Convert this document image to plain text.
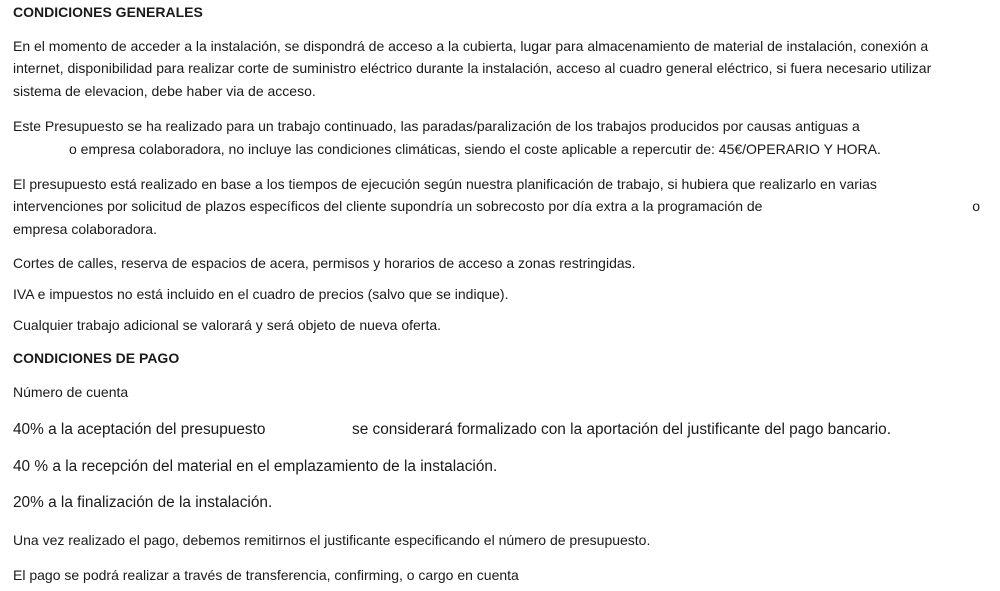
CONDICIONES GENERALES
En el momento de acceder a la instalación, se dispondrá de acceso a la cubierta, lugar para almacenamiento de material de instalación, conexión a
internet, disponibilidad para realizar corte de suministro eléctrico durante la instalación, acceso al cuadro general eléctrico, si fuera necesario utilizar
sistema de elevacion, debe haber via de acceso.
Este Presupuesto se ha realizado para un trabajo continuado, las paradas/paralización de los trabajos producidos por causas antiguas a
o empresa colaboradora, no incluye las condiciones climáticas, siendo el coste aplicable a repercutir de: 45€/OPERARIO Y HORA.
El presupuesto está realizado en base a los tiempos de ejecución según nuestra planificación de trabajo, si hubiera que realizarlo en varias
intervenciones por solicitud de plazos específicos del cliente supondría un sobrecosto por día extra a la programación de	o
empresa colaboradora.
Cortes de calles, reserva de espacios de acera, permisos y horarios de acceso a zonas restringidas.
IVA e impuestos no está incluido en el cuadro de precios (salvo que se indique).
Cualquier trabajo adicional se valorará y será objeto de nueva oferta.
CONDICIONES DE PAGO
Número de cuenta
40% a la aceptación del presupuesto	se considerará formalizado con la aportación del justificante del pago bancario.
40 % a la recepción del material en el emplazamiento de la instalación.
20% a la finalización de la instalación.
Una vez realizado el pago, debemos remitirnos el justificante especificando el número de presupuesto.
El pago se podrá realizar a través de transferencia, confirming, o cargo en cuenta
